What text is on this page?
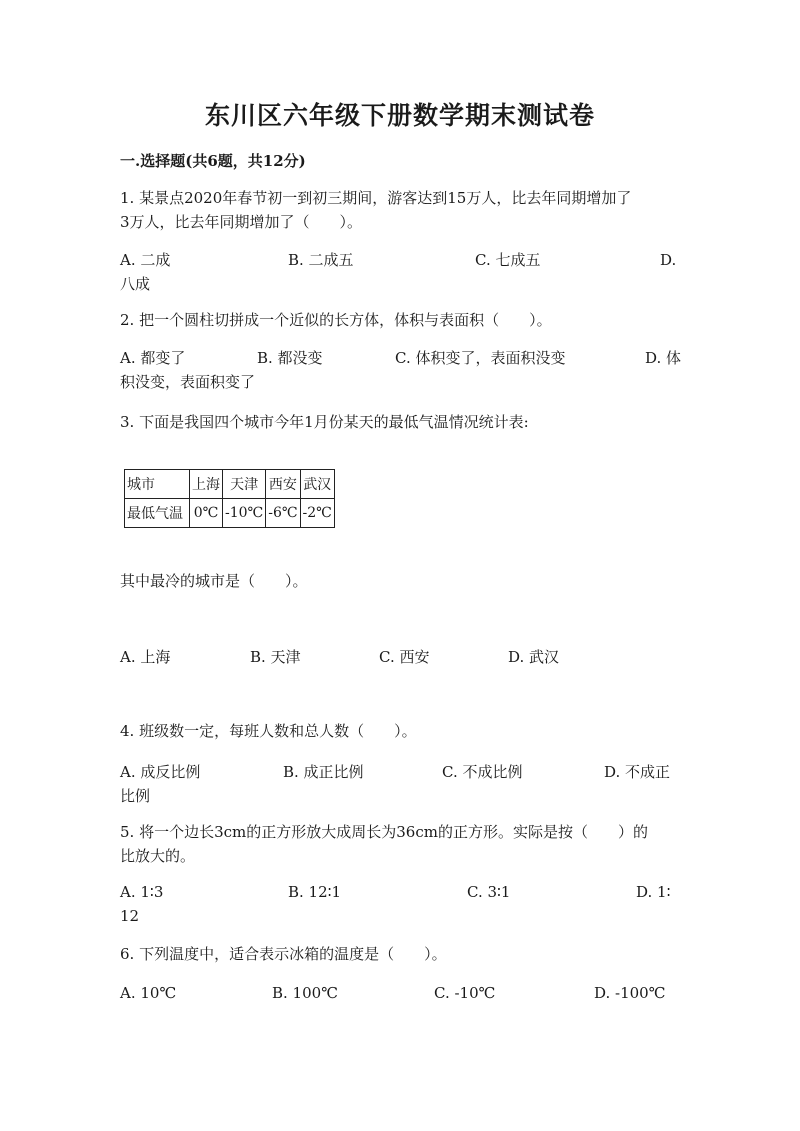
东川区六年级下册数学期末测试卷
一.选择题(共6题，共12分)
1. 某景点2020年春节初一到初三期间，游客达到15万人，比去年同期增加了
3万人，比去年同期增加了（　　）。
A. 二成	B. 二成五	C. 七成五	D.
八成
2. 把一个圆柱切拼成一个近似的长方体，体积与表面积（　　）。
A. 都变了	B. 都没变	C. 体积变了，表面积没变	D. 体
积没变，表面积变了
3. 下面是我国四个城市今年1月份某天的最低气温情况统计表:
城市	上海	天津	西安	武汉
最低气温	0℃	-10℃	-6℃	-2℃
其中最冷的城市是（　　）。
A. 上海	B. 天津	C. 西安	D. 武汉
4. 班级数一定，每班人数和总人数（　　）。
A. 成反比例	B. 成正比例	C. 不成比例	D. 不成正
比例
5. 将一个边长3cm的正方形放大成周长为36cm的正方形。实际是按（　　）的
比放大的。
A. 1∶3	B. 12∶1	C. 3∶1	D. 1∶
12
6. 下列温度中，适合表示冰箱的温度是（　　）。
A. 10℃	B. 100℃	C. -10℃	D. -100℃
